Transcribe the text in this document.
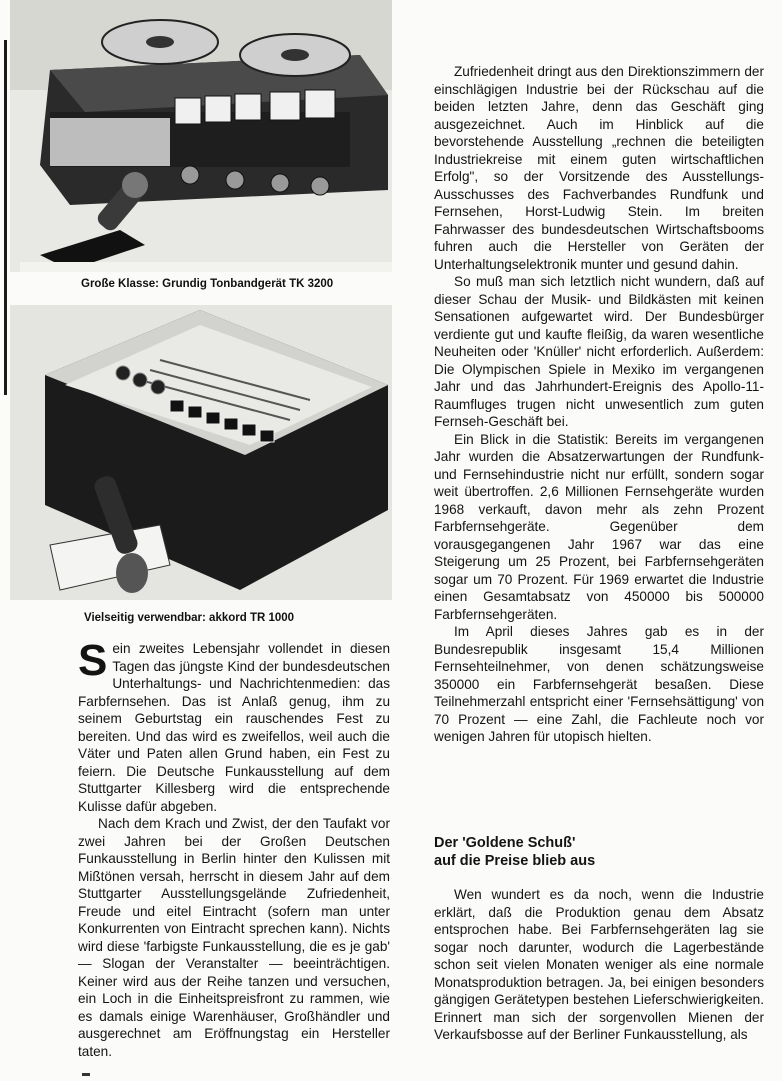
Große Klasse: Grundig Tonbandgerät TK 3200
Vielseitig verwendbar: akkord TR 1000

Sein zweites Lebensjahr vollendet in diesen Tagen das jüngste Kind der bundesdeutschen Unterhaltungs- und Nachrichtenmedien: das Farbfernsehen. Das ist Anlaß genug, ihm zu seinem Geburtstag ein rauschendes Fest zu bereiten. Und das wird es zweifellos, weil auch die Väter und Paten allen Grund haben, ein Fest zu feiern. Die Deutsche Funkausstellung auf dem Stuttgarter Killesberg wird die entsprechende Kulisse dafür abgeben.

Nach dem Krach und Zwist, der den Taufakt vor zwei Jahren bei der Großen Deutschen Funkausstellung in Berlin hinter den Kulissen mit Mißtönen versah, herrscht in diesem Jahr auf dem Stuttgarter Ausstellungsgelände Zufriedenheit, Freude und eitel Eintracht (sofern man unter Konkurrenten von Eintracht sprechen kann). Nichts wird diese 'farbigste Funkausstellung, die es je gab' — Slogan der Veranstalter — beeinträchtigen. Keiner wird aus der Reihe tanzen und versuchen, ein Loch in die Einheitspreisfront zu rammen, wie es damals einige Warenhäuser, Großhändler und ausgerechnet am Eröffnungstag ein Hersteller taten.

Zufriedenheit dringt aus den Direktionszimmern der einschlägigen Industrie bei der Rückschau auf die beiden letzten Jahre, denn das Geschäft ging ausgezeichnet. Auch im Hinblick auf die bevorstehende Ausstellung „rechnen die beteiligten Industriekreise mit einem guten wirtschaftlichen Erfolg", so der Vorsitzende des Ausstellungs-Ausschusses des Fachverbandes Rundfunk und Fernsehen, Horst-Ludwig Stein. Im breiten Fahrwasser des bundesdeutschen Wirtschaftsbooms fuhren auch die Hersteller von Geräten der Unterhaltungselektronik munter und gesund dahin.

So muß man sich letztlich nicht wundern, daß auf dieser Schau der Musik- und Bildkästen mit keinen Sensationen aufgewartet wird. Der Bundesbürger verdiente gut und kaufte fleißig, da waren wesentliche Neuheiten oder 'Knüller' nicht erforderlich. Außerdem: Die Olympischen Spiele in Mexiko im vergangenen Jahr und das Jahrhundert-Ereignis des Apollo-11-Raumfluges trugen nicht unwesentlich zum guten Fernseh-Geschäft bei.

Ein Blick in die Statistik: Bereits im vergangenen Jahr wurden die Absatzerwartungen der Rundfunk- und Fernsehindustrie nicht nur erfüllt, sondern sogar weit übertroffen. 2,6 Millionen Fernsehgeräte wurden 1968 verkauft, davon mehr als zehn Prozent Farbfernsehgeräte. Gegenüber dem vorausgegangenen Jahr 1967 war das eine Steigerung um 25 Prozent, bei Farbfernsehgeräten sogar um 70 Prozent. Für 1969 erwartet die Industrie einen Gesamtabsatz von 450000 bis 500000 Farbfernsehgeräten.

Im April dieses Jahres gab es in der Bundesrepublik insgesamt 15,4 Millionen Fernsehteilnehmer, von denen schätzungsweise 350000 ein Farbfernsehgerät besaßen. Diese Teilnehmerzahl entspricht einer 'Fernsehsättigung' von 70 Prozent — eine Zahl, die Fachleute noch vor wenigen Jahren für utopisch hielten.

Der 'Goldene Schuß'
auf die Preise blieb aus

Wen wundert es da noch, wenn die Industrie erklärt, daß die Produktion genau dem Absatz entsprochen habe. Bei Farbfernsehgeräten lag sie sogar noch darunter, wodurch die Lagerbestände schon seit vielen Monaten weniger als eine normale Monatsproduktion betragen. Ja, bei einigen besonders gängigen Gerätetypen bestehen Lieferschwierigkeiten. Erinnert man sich der sorgenvollen Mienen der Verkaufsbosse auf der Berliner Funkausstellung, als
